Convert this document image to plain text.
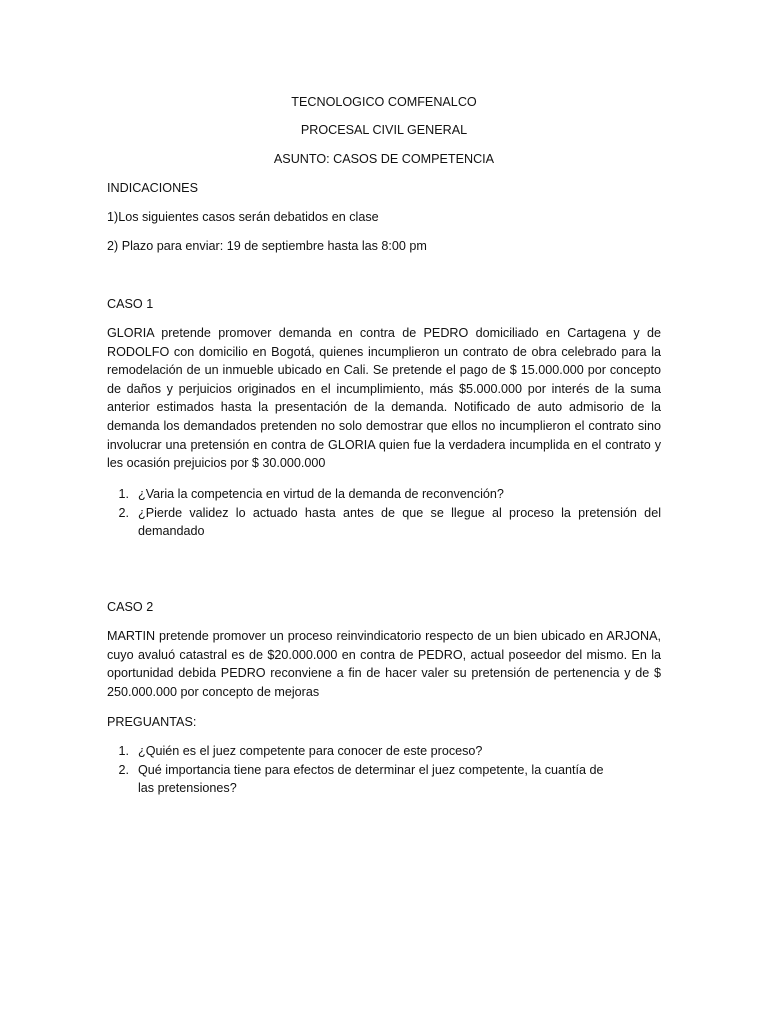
TECNOLOGICO COMFENALCO
PROCESAL CIVIL GENERAL
ASUNTO: CASOS DE COMPETENCIA
INDICACIONES
1)Los siguientes casos serán debatidos en clase
2) Plazo para enviar: 19 de septiembre hasta las 8:00 pm
CASO 1
GLORIA pretende promover demanda en contra de PEDRO domiciliado en Cartagena y de RODOLFO con domicilio en Bogotá, quienes incumplieron un contrato de obra celebrado para la remodelación de un inmueble ubicado en Cali. Se pretende el pago de $ 15.000.000 por concepto de daños y perjuicios originados en el incumplimiento, más $5.000.000 por interés de la suma anterior estimados hasta la presentación de la demanda. Notificado de auto admisorio de la demanda los demandados pretenden no solo demostrar que ellos no incumplieron el contrato sino involucrar una pretensión en contra de GLORIA quien fue la verdadera incumplida en el contrato y les ocasión prejuicios por $ 30.000.000
1. ¿Varia la competencia en virtud de la demanda de reconvención?
2. ¿Pierde validez lo actuado hasta antes de que se llegue al proceso la pretensión del demandado
CASO 2
MARTIN pretende promover un proceso reinvindicatorio respecto de un bien ubicado en ARJONA, cuyo avaluó catastral es de $20.000.000 en contra de PEDRO, actual poseedor del mismo. En la oportunidad debida PEDRO reconviene a fin de hacer valer su pretensión de pertenencia y de $ 250.000.000 por concepto de mejoras
PREGUANTAS:
1. ¿Quién es el juez competente para conocer de este proceso?
2. Qué importancia tiene para efectos de determinar el juez competente, la cuantía de las pretensiones?
